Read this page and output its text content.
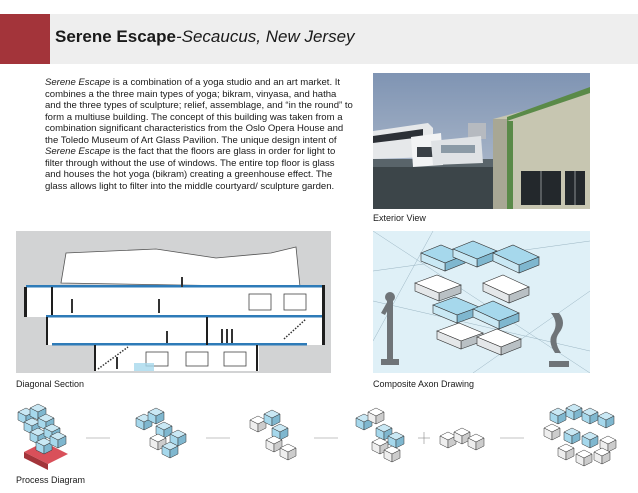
Serene Escape-Secaucus, New Jersey
Serene Escape is a combination of a yoga studio and an art market. It combines a the three main types of yoga; bikram, vinyasa, and hatha and the three types of sculpture; relief, assemblage, and “in the round” to form a multiuse building. The concept of this building was taken from a combination significant characteristics from the Oslo Opera House and the Toledo Museum of Art Glass Pavilion. The unique design intent of Serene Escape is the fact that the floors are glass in order for light to filter through without the use of windows. The entire top floor is glass and houses the hot yoga (bikram) creating a greenhouse effect. The glass allows light to filter into the middle courtyard/ sculpture garden.
Exterior View
Diagonal Section	Composite Axon Drawing
Process Diagram
